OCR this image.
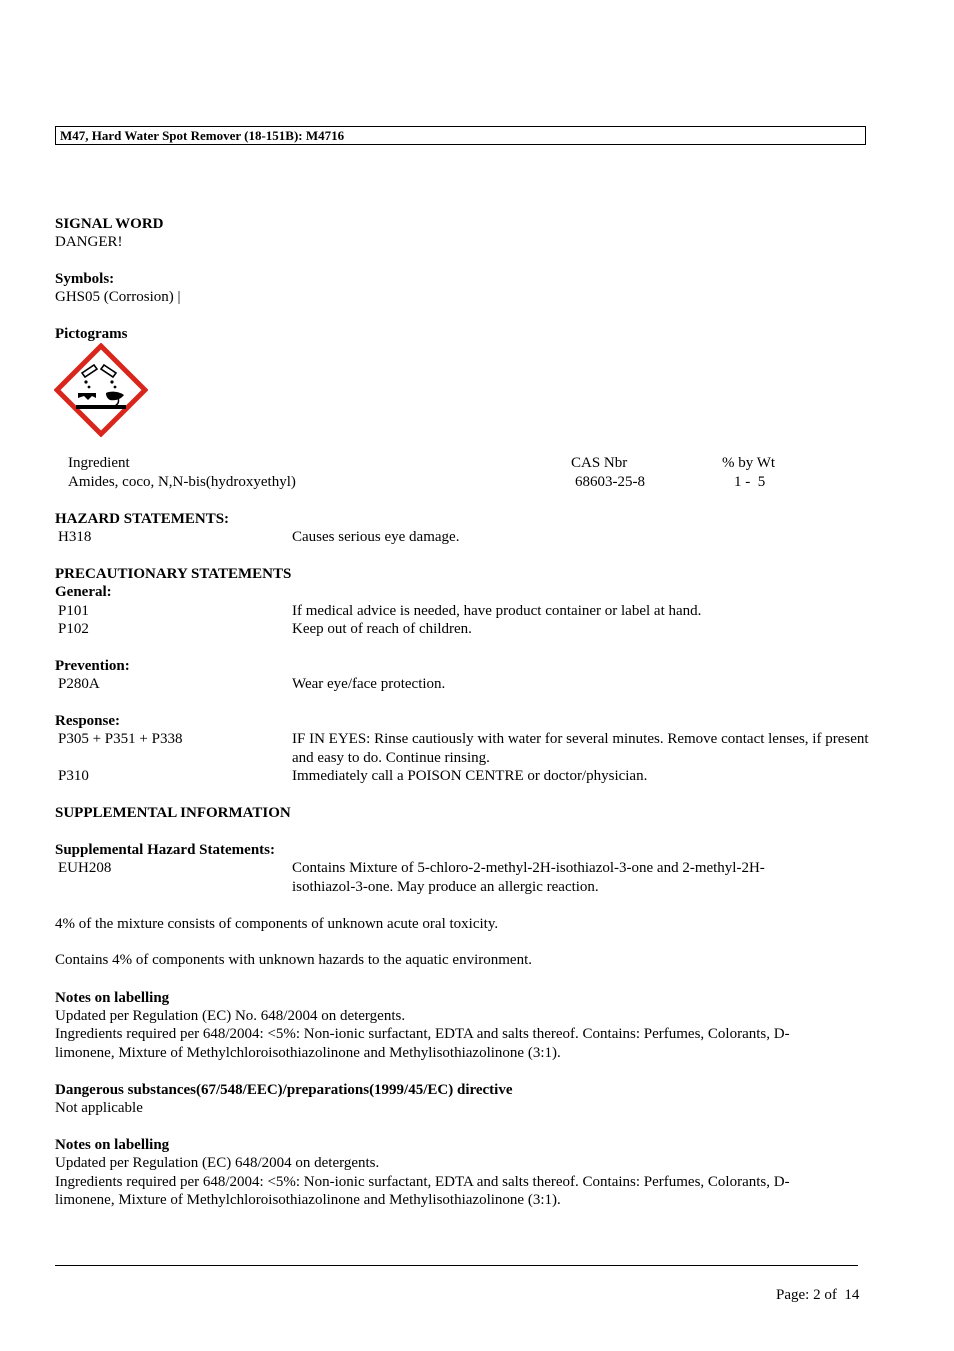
M47, Hard Water Spot Remover (18-151B): M4716
SIGNAL WORD
DANGER!
Symbols:
GHS05 (Corrosion) |
Pictograms
Ingredient	CAS Nbr	% by Wt
Amides, coco, N,N-bis(hydroxyethyl)	68603-25-8	1 -  5
HAZARD STATEMENTS:
H318	Causes serious eye damage.
PRECAUTIONARY STATEMENTS
General:
P101	If medical advice is needed, have product container or label at hand.
P102	Keep out of reach of children.
Prevention:
P280A	Wear eye/face protection.
Response:
P305 + P351 + P338	IF IN EYES: Rinse cautiously with water for several minutes. Remove contact lenses, if present
and easy to do. Continue rinsing.
P310	Immediately call a POISON CENTRE or doctor/physician.
SUPPLEMENTAL INFORMATION
Supplemental Hazard Statements:
EUH208	Contains Mixture of 5-chloro-2-methyl-2H-isothiazol-3-one and 2-methyl-2H-
isothiazol-3-one. May produce an allergic reaction.
4% of the mixture consists of components of unknown acute oral toxicity.
Contains 4% of components with unknown hazards to the aquatic environment.
Notes on labelling
Updated per Regulation (EC) No. 648/2004 on detergents.
Ingredients required per 648/2004: <5%: Non-ionic surfactant, EDTA and salts thereof. Contains: Perfumes, Colorants, D-
limonene, Mixture of Methylchloroisothiazolinone and Methylisothiazolinone (3:1).
Dangerous substances(67/548/EEC)/preparations(1999/45/EC) directive
Not applicable
Notes on labelling
Updated per Regulation (EC) 648/2004 on detergents.
Ingredients required per 648/2004: <5%: Non-ionic surfactant, EDTA and salts thereof. Contains: Perfumes, Colorants, D-
limonene, Mixture of Methylchloroisothiazolinone and Methylisothiazolinone (3:1).
Page: 2 of  14
